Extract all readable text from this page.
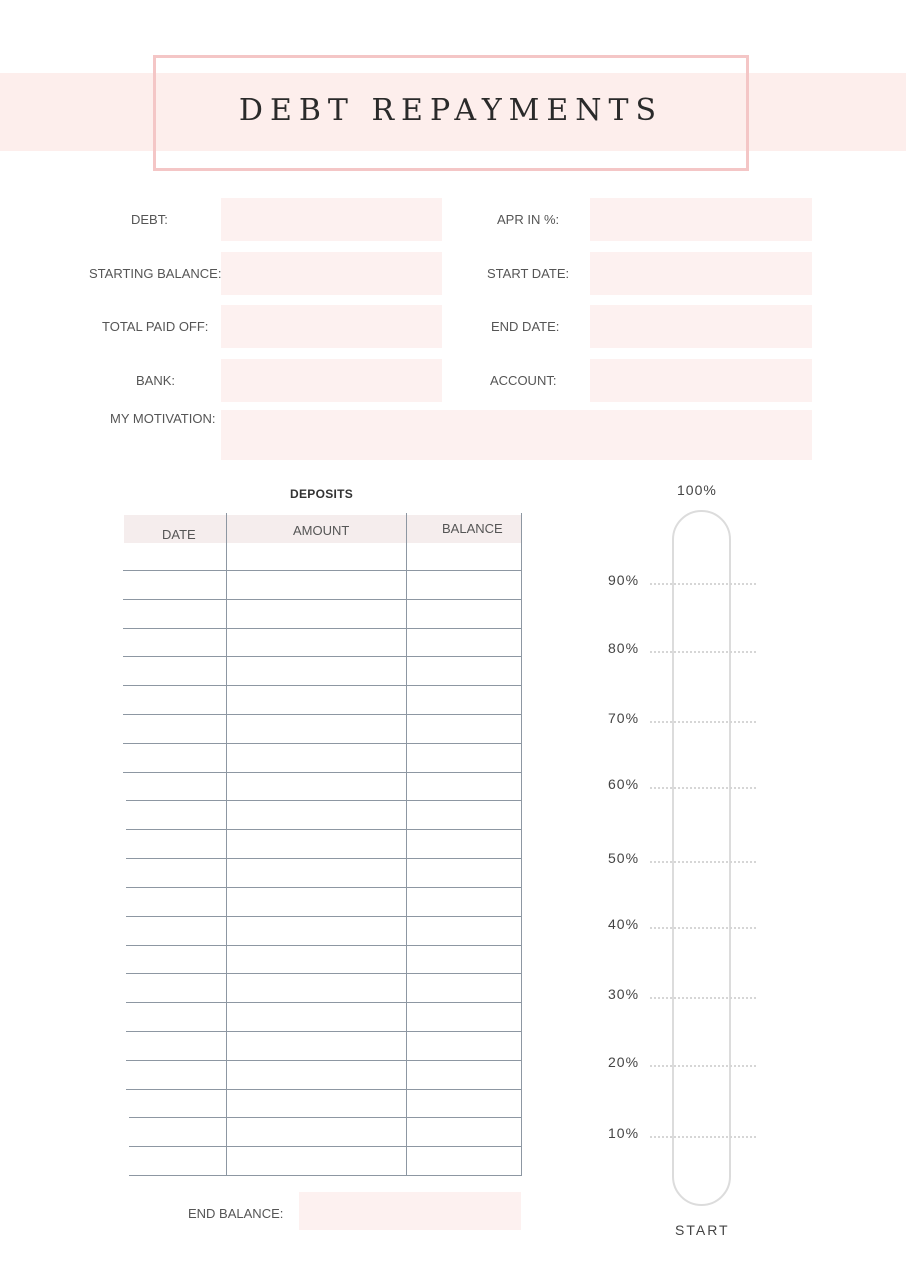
DEBT REPAYMENTS
DEBT:	APR IN %:
STARTING BALANCE:	START DATE:
TOTAL PAID OFF:	END DATE:
BANK:	ACCOUNT:
MY MOTIVATION:
DEPOSITS
DATE	AMOUNT	BALANCE
END BALANCE:
100%
90%
80%
70%
60%
50%
40%
30%
20%
10%
START
